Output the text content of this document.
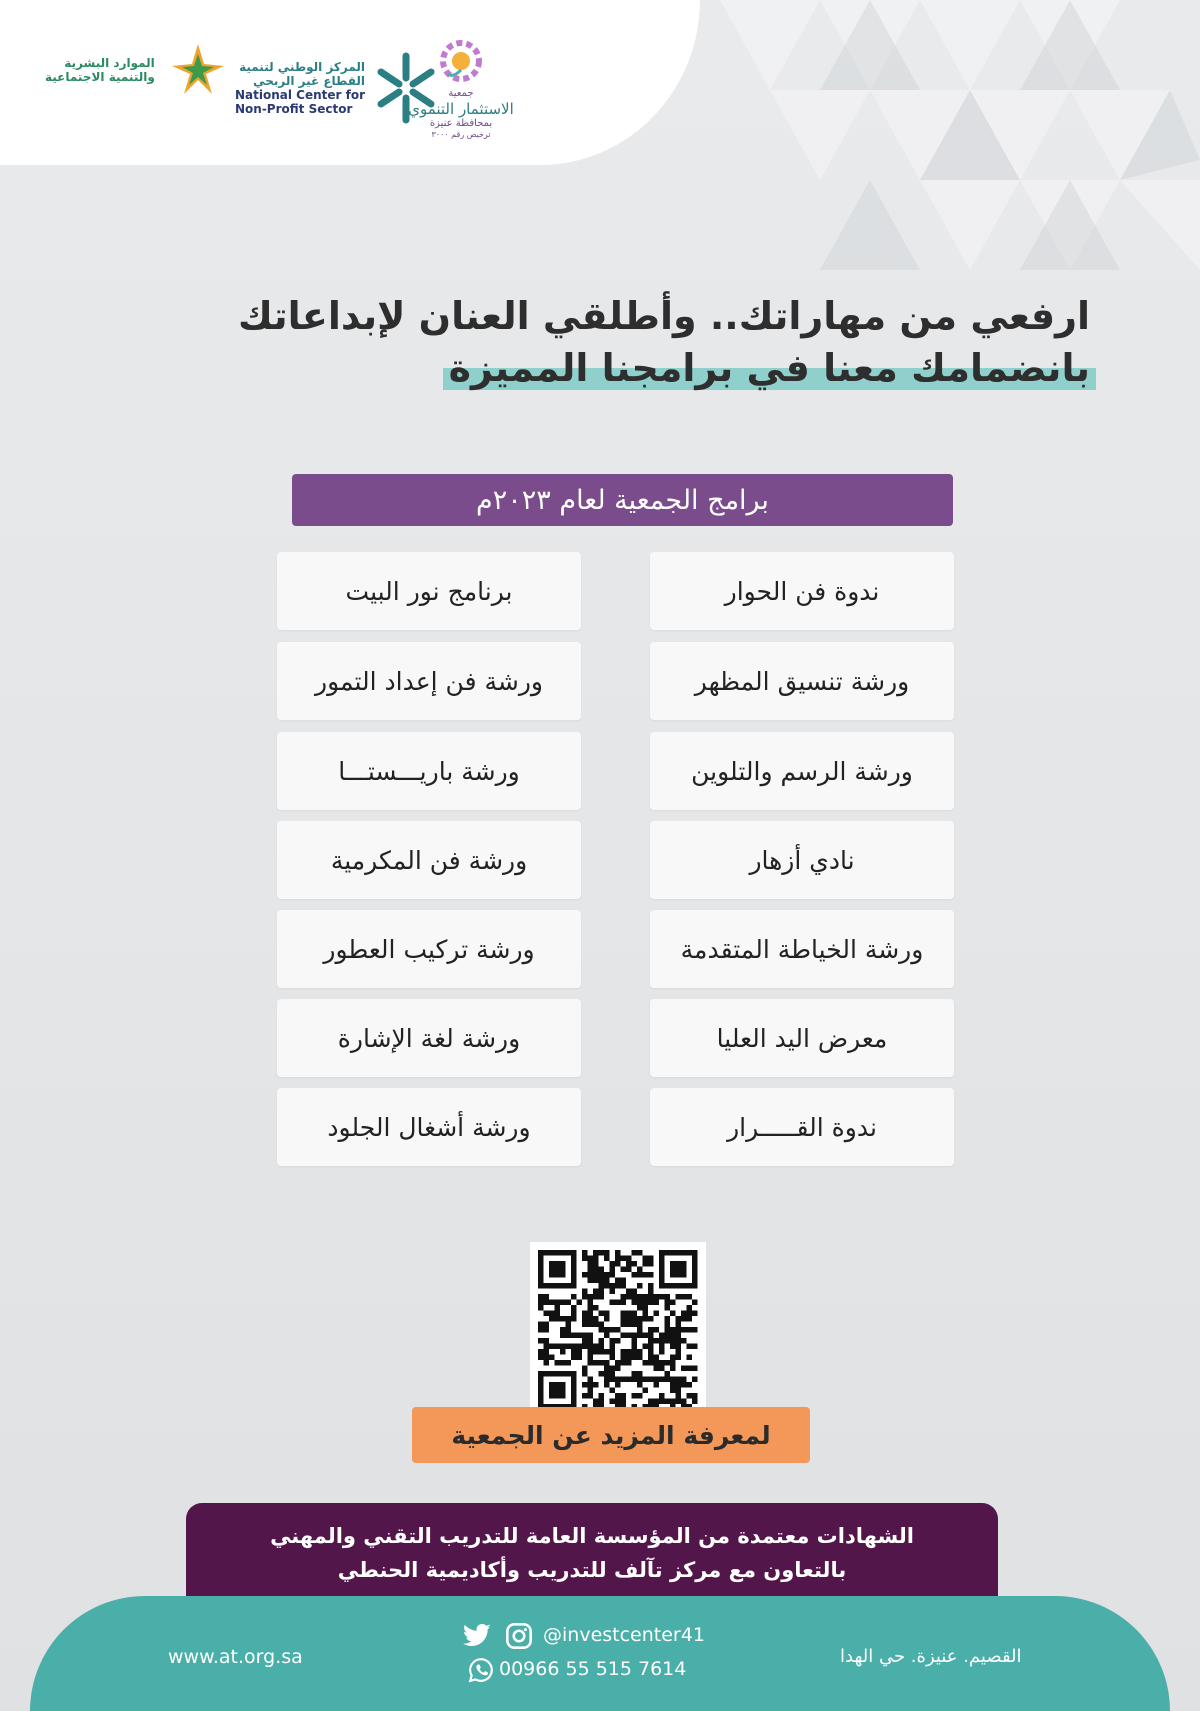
الموارد البشرية
والتنمية الاجتماعية
المركز الوطني لتنمية
القطاع غير الربحي
National Center for
Non-Profit Sector
جمعية
الاستثمار التنموي
بمحافظة عنيزة
ترخيص رقم ٣٠٠٠
ارفعي من مهاراتك.. وأطلقي العنان لإبداعاتك
بانضمامك معنا في برامجنا المميزة
برامج الجمعية لعام ٢٠٢٣م
ندوة فن الحوار
ورشة تنسيق المظهر
ورشة الرسم والتلوين
نادي أزهار
ورشة الخياطة المتقدمة
معرض اليد العليا
ندوة القـــــرار
برنامج نور البيت
ورشة فن إعداد التمور
ورشة باريـــستـــا
ورشة فن المكرمية
ورشة تركيب العطور
ورشة لغة الإشارة
ورشة أشغال الجلود
لمعرفة المزيد عن الجمعية
الشهادات معتمدة من المؤسسة العامة للتدريب التقني والمهني
بالتعاون مع مركز تآلف للتدريب وأكاديمية الحنطي
www.at.org.sa
@investcenter41
00966 55 515 7614
القصيم. عنيزة. حي الهدا
